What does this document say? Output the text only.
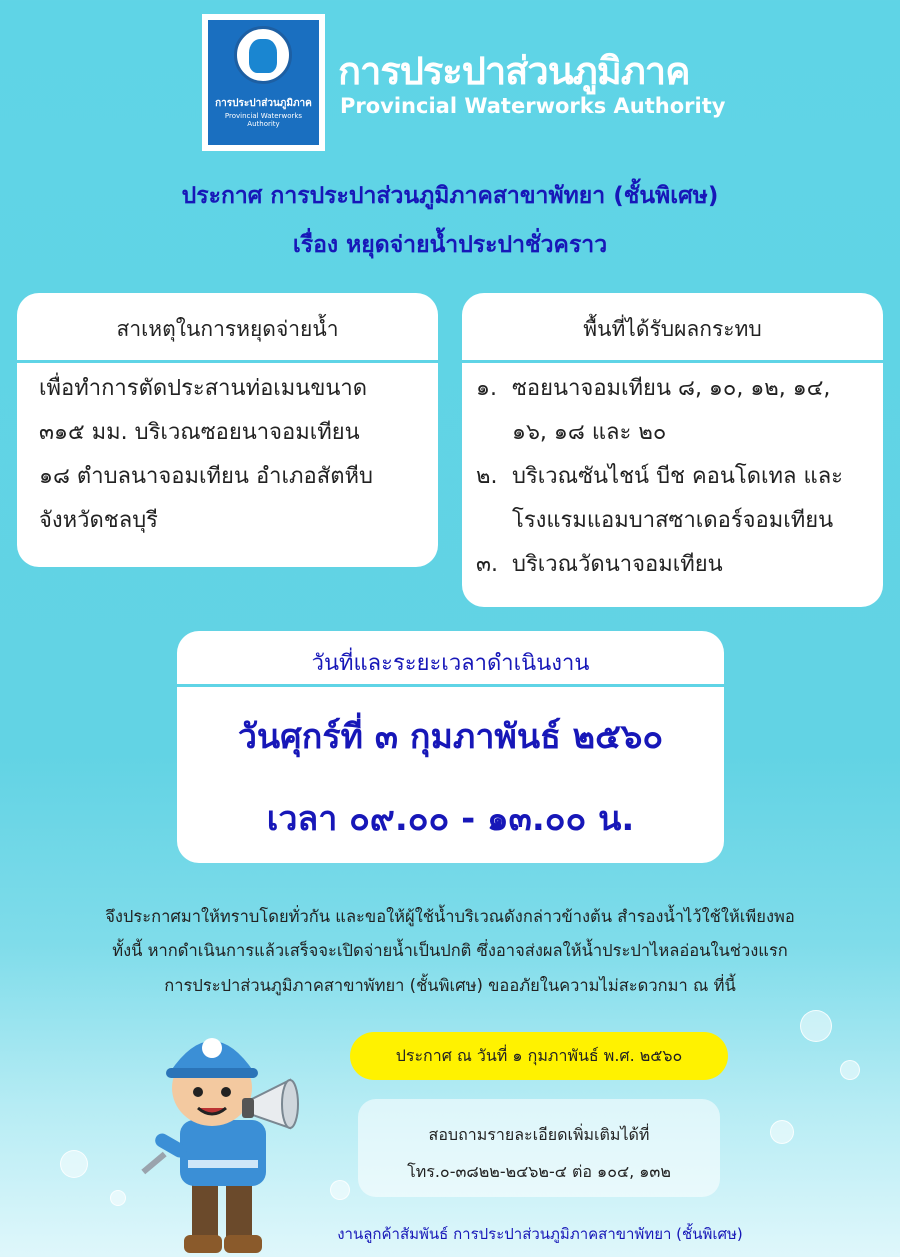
การประปาส่วนภูมิภาค
Provincial Waterworks Authority
การประปาส่วนภูมิภาค
Provincial Waterworks Authority
ประกาศ การประปาส่วนภูมิภาคสาขาพัทยา (ชั้นพิเศษ)
เรื่อง หยุดจ่ายน้ำประปาชั่วคราว
สาเหตุในการหยุดจ่ายน้ำ
เพื่อทำการตัดประสานท่อเมนขนาด
๓๑๕ มม. บริเวณซอยนาจอมเทียน
๑๘ ตำบลนาจอมเทียน อำเภอสัตหีบ
จังหวัดชลบุรี
พื้นที่ได้รับผลกระทบ
๑. ซอยนาจอมเทียน ๘, ๑๐, ๑๒, ๑๔,
๑๖, ๑๘ และ ๒๐
๒. บริเวณซันไชน์ บีช คอนโดเทล และ
โรงแรมแอมบาสซาเดอร์จอมเทียน
๓. บริเวณวัดนาจอมเทียน
วันที่และระยะเวลาดำเนินงาน
วันศุกร์ที่ ๓ กุมภาพันธ์ ๒๕๖๐
เวลา ๐๙.๐๐ - ๑๓.๐๐ น.
จึงประกาศมาให้ทราบโดยทั่วกัน และขอให้ผู้ใช้น้ำบริเวณดังกล่าวข้างต้น สำรองน้ำไว้ใช้ให้เพียงพอ
ทั้งนี้ หากดำเนินการแล้วเสร็จจะเปิดจ่ายน้ำเป็นปกติ ซึ่งอาจส่งผลให้น้ำประปาไหลอ่อนในช่วงแรก
การประปาส่วนภูมิภาคสาขาพัทยา (ชั้นพิเศษ) ขออภัยในความไม่สะดวกมา ณ ที่นี้
ประกาศ ณ วันที่ ๑ กุมภาพันธ์ พ.ศ. ๒๕๖๐
สอบถามรายละเอียดเพิ่มเติมได้ที่
โทร.๐-๓๘๒๒-๒๔๖๒-๔ ต่อ ๑๐๔, ๑๓๒
งานลูกค้าสัมพันธ์ การประปาส่วนภูมิภาคสาขาพัทยา (ชั้นพิเศษ)
